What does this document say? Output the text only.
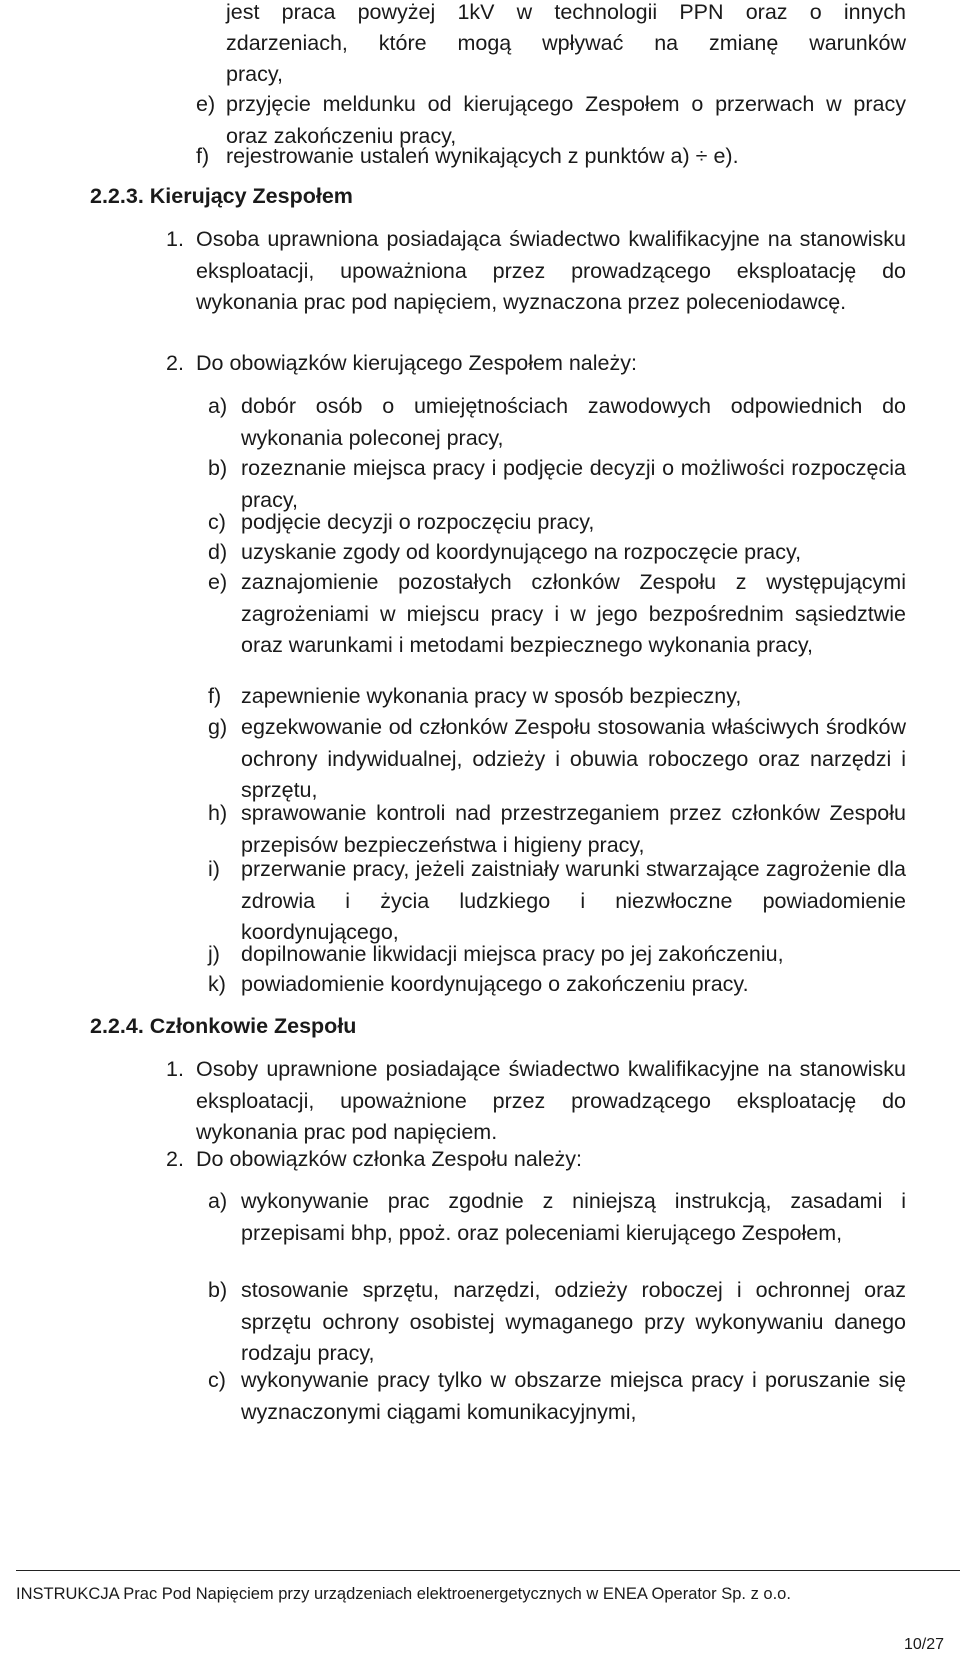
jest praca powyżej 1kV w technologii PPN oraz o innych

zdarzeniach, które mogą wpływać na zmianę warunków

pracy,

e) przyjęcie meldunku od kierującego Zespołem o przerwach w pracy oraz zakończeniu pracy,

f) rejestrowanie ustaleń wynikających z punktów a) ÷ e).

2.2.3. Kierujący Zespołem
1. Osoba uprawniona posiadająca świadectwo kwalifikacyjne na stanowisku eksploatacji, upoważniona przez prowadzącego eksploatację do wykonania prac pod napięciem, wyznaczona przez poleceniodawcę.

2. Do obowiązków kierującego Zespołem należy:

a) dobór osób o umiejętnościach zawodowych odpowiednich do wykonania poleconej pracy,

b) rozeznanie miejsca pracy i podjęcie decyzji o możliwości rozpoczęcia pracy,

c) podjęcie decyzji o rozpoczęciu pracy,

d) uzyskanie zgody od koordynującego na rozpoczęcie pracy,

e) zaznajomienie pozostałych członków Zespołu z występującymi zagrożeniami w miejscu pracy i w jego bezpośrednim sąsiedztwie oraz warunkami i metodami bezpiecznego wykonania pracy,

f) zapewnienie wykonania pracy w sposób bezpieczny,

g) egzekwowanie od członków Zespołu stosowania właściwych środków ochrony indywidualnej, odzieży i obuwia roboczego oraz narzędzi i sprzętu,

h) sprawowanie kontroli nad przestrzeganiem przez członków Zespołu przepisów bezpieczeństwa i higieny pracy,

i) przerwanie pracy, jeżeli zaistniały warunki stwarzające zagrożenie dla zdrowia i życia ludzkiego i niezwłoczne powiadomienie koordynującego,

j) dopilnowanie likwidacji miejsca pracy po jej zakończeniu,

k) powiadomienie koordynującego o zakończeniu pracy.

2.2.4. Członkowie Zespołu
1. Osoby uprawnione posiadające świadectwo kwalifikacyjne na stanowisku eksploatacji, upoważnione przez prowadzącego eksploatację do wykonania prac pod napięciem.

2. Do obowiązków członka Zespołu należy:

a) wykonywanie prac zgodnie z niniejszą instrukcją, zasadami i przepisami bhp, ppoż. oraz poleceniami kierującego Zespołem,

b) stosowanie sprzętu, narzędzi, odzieży roboczej i ochronnej oraz sprzętu ochrony osobistej wymaganego przy wykonywaniu danego rodzaju pracy,

c) wykonywanie pracy tylko w obszarze miejsca pracy i poruszanie się wyznaczonymi ciągami komunikacyjnymi,

INSTRUKCJA Prac Pod Napięciem przy urządzeniach elektroenergetycznych w ENEA Operator Sp. z o.o.
10/27
